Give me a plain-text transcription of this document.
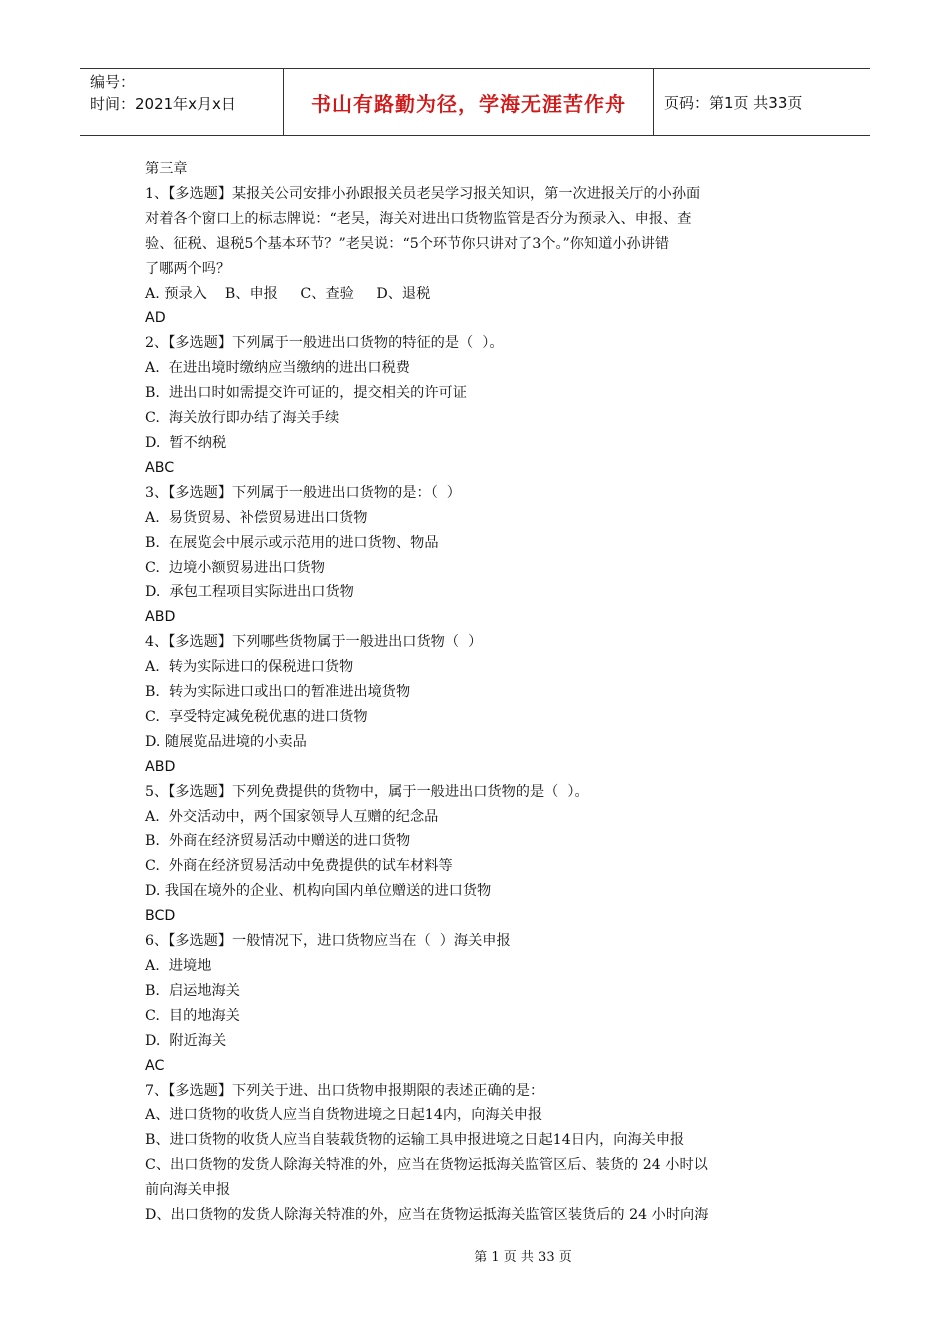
编号：
时间：2021年x月x日	书山有路勤为径，学海无涯苦作舟	页码：第1页 共33页

第三章

1、【多选题】某报关公司安排小孙跟报关员老吴学习报关知识，第一次进报关厅的小孙面

对着各个窗口上的标志牌说：“老吴，海关对进出口货物监管是否分为预录入、申报、查

验、征税、退税5个基本环节？”老吴说：“5个环节你只讲对了3个。”你知道小孙讲错

了哪两个吗？

A. 预录入    B、申报     C、查验     D、退税

AD

2、【多选题】下列属于一般进出口货物的特征的是（  ）。

A.  在进出境时缴纳应当缴纳的进出口税费

B.  进出口时如需提交许可证的，提交相关的许可证

C.  海关放行即办结了海关手续

D.  暂不纳税

ABC

3、【多选题】下列属于一般进出口货物的是：（  ）

A.  易货贸易、补偿贸易进出口货物

B.  在展览会中展示或示范用的进口货物、物品

C.  边境小额贸易进出口货物

D.  承包工程项目实际进出口货物

ABD

4、【多选题】下列哪些货物属于一般进出口货物（  ）

A.  转为实际进口的保税进口货物

B.  转为实际进口或出口的暂准进出境货物

C.  享受特定减免税优惠的进口货物

D. 随展览品进境的小卖品

ABD

5、【多选题】下列免费提供的货物中，属于一般进出口货物的是（  ）。

A.  外交活动中，两个国家领导人互赠的纪念品

B.  外商在经济贸易活动中赠送的进口货物

C.  外商在经济贸易活动中免费提供的试车材料等

D. 我国在境外的企业、机构向国内单位赠送的进口货物

BCD

6、【多选题】一般情况下，进口货物应当在（  ）海关申报

A.  进境地

B.  启运地海关

C.  目的地海关

D.  附近海关

AC

7、【多选题】下列关于进、出口货物申报期限的表述正确的是：

A、进口货物的收货人应当自货物进境之日起14内，向海关申报

B、进口货物的收货人应当自装载货物的运输工具申报进境之日起14日内，向海关申报

C、出口货物的发货人除海关特准的外，应当在货物运抵海关监管区后、装货的 24 小时以

前向海关申报

D、出口货物的发货人除海关特准的外，应当在货物运抵海关监管区装货后的 24 小时向海

第 1 页 共 33 页
